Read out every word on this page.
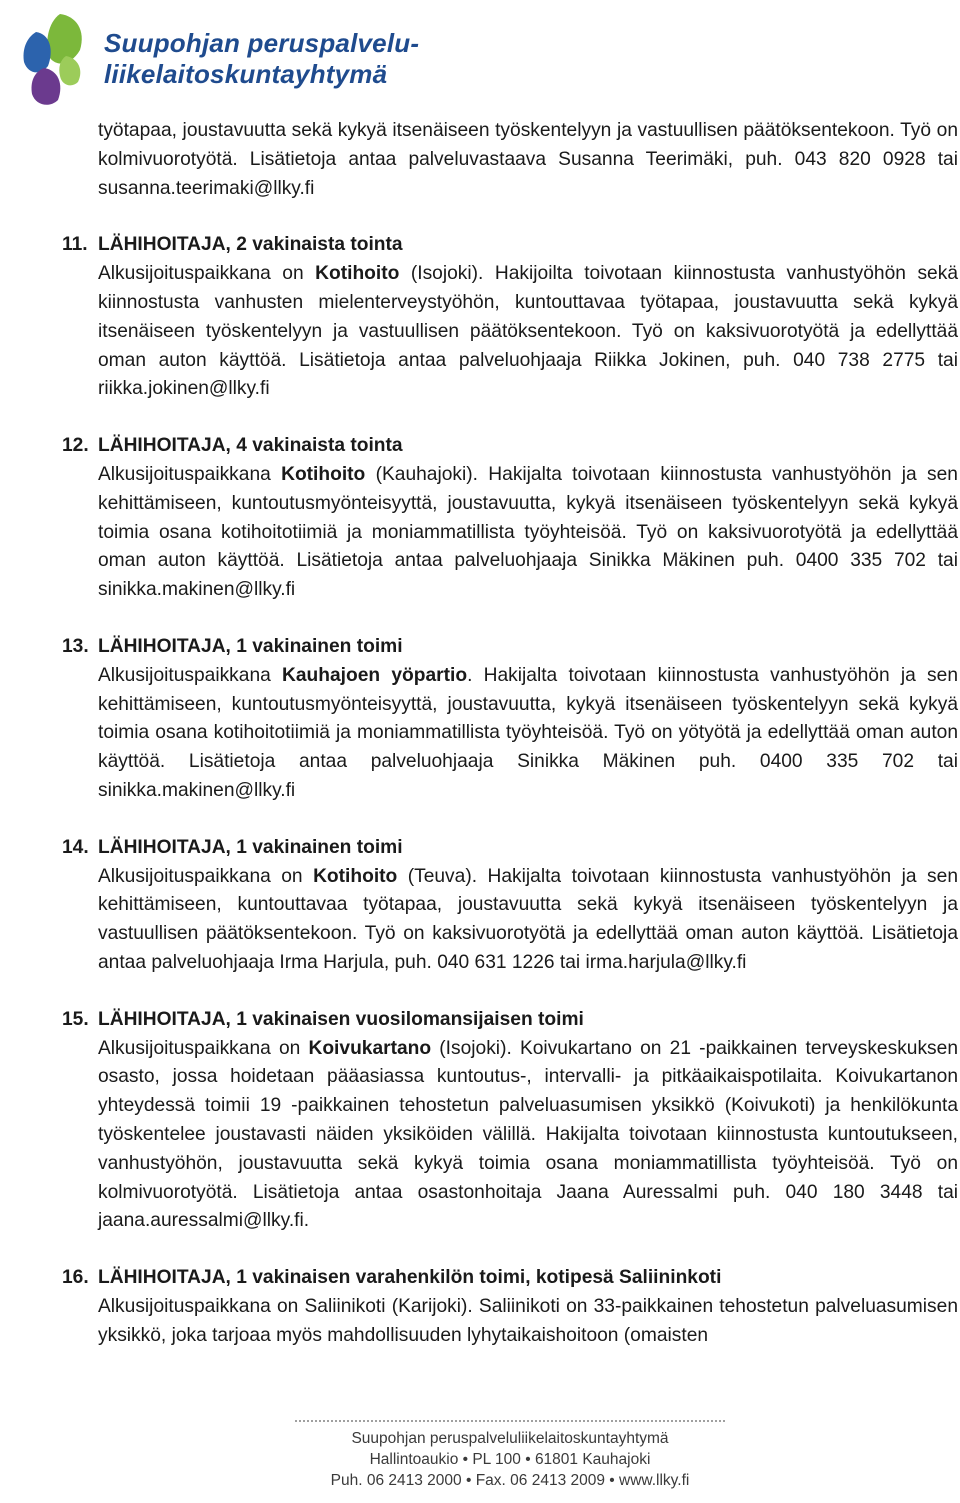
Suupohjan peruspalvelu-
liikelaitoskuntayhtymä

työtapaa, joustavuutta sekä kykyä itsenäiseen työskentelyyn ja vastuullisen päätöksentekoon. Työ on kolmivuorotyötä. Lisätietoja antaa palveluvastaava Susanna Teerimäki, puh. 043 820 0928 tai susanna.teerimaki@llky.fi

11. LÄHIHOITAJA, 2 vakinaista tointa

Alkusijoituspaikkana on Kotihoito (Isojoki). Hakijoilta toivotaan kiinnostusta vanhustyöhön sekä kiinnostusta vanhusten mielenterveystyöhön, kuntouttavaa työtapaa, joustavuutta sekä kykyä itsenäiseen työskentelyyn ja vastuullisen päätöksentekoon. Työ on kaksivuorotyötä ja edellyttää oman auton käyttöä. Lisätietoja antaa palveluohjaaja Riikka Jokinen, puh. 040 738 2775 tai riikka.jokinen@llky.fi

12. LÄHIHOITAJA, 4 vakinaista tointa

Alkusijoituspaikkana Kotihoito (Kauhajoki). Hakijalta toivotaan kiinnostusta vanhustyöhön ja sen kehittämiseen, kuntoutusmyönteisyyttä, joustavuutta, kykyä itsenäiseen työskentelyyn sekä kykyä toimia osana kotihoitotiimiä ja moniammatillista työyhteisöä. Työ on kaksivuorotyötä ja edellyttää oman auton käyttöä. Lisätietoja antaa palveluohjaaja Sinikka Mäkinen puh. 0400 335 702 tai sinikka.makinen@llky.fi

13. LÄHIHOITAJA, 1 vakinainen toimi

Alkusijoituspaikkana Kauhajoen yöpartio. Hakijalta toivotaan kiinnostusta vanhustyöhön ja sen kehittämiseen, kuntoutusmyönteisyyttä, joustavuutta, kykyä itsenäiseen työskentelyyn sekä kykyä toimia osana kotihoitotiimiä ja moniammatillista työyhteisöä. Työ on yötyötä ja edellyttää oman auton käyttöä. Lisätietoja antaa palveluohjaaja Sinikka Mäkinen puh. 0400 335 702 tai sinikka.makinen@llky.fi

14. LÄHIHOITAJA, 1 vakinainen toimi

Alkusijoituspaikkana on Kotihoito (Teuva). Hakijalta toivotaan kiinnostusta vanhustyöhön ja sen kehittämiseen, kuntouttavaa työtapaa, joustavuutta sekä kykyä itsenäiseen työskentelyyn ja vastuullisen päätöksentekoon. Työ on kaksivuorotyötä ja edellyttää oman auton käyttöä. Lisätietoja antaa palveluohjaaja Irma Harjula, puh. 040 631 1226 tai irma.harjula@llky.fi

15. LÄHIHOITAJA, 1 vakinaisen vuosilomansijaisen toimi

Alkusijoituspaikkana on Koivukartano (Isojoki). Koivukartano on 21 -paikkainen terveyskeskuksen osasto, jossa hoidetaan pääasiassa kuntoutus-, intervalli- ja pitkäaikaispotilaita. Koivukartanon yhteydessä toimii 19 -paikkainen tehostetun palveluasumisen yksikkö (Koivukoti) ja henkilökunta työskentelee joustavasti näiden yksiköiden välillä. Hakijalta toivotaan kiinnostusta kuntoutukseen, vanhustyöhön, joustavuutta sekä kykyä toimia osana moniammatillista työyhteisöä. Työ on kolmivuorotyötä. Lisätietoja antaa osastonhoitaja Jaana Auressalmi puh. 040 180 3448 tai jaana.auressalmi@llky.fi.

16. LÄHIHOITAJA, 1 vakinaisen varahenkilön toimi, kotipesä Saliininkoti

Alkusijoituspaikkana on Saliinikoti (Karijoki). Saliinikoti on 33-paikkainen tehostetun palveluasumisen yksikkö, joka tarjoaa myös mahdollisuuden lyhytaikaishoitoon (omaisten

Suupohjan peruspalveluliikelaitoskuntayhtymä
Hallintoaukio • PL 100 • 61801 Kauhajoki
Puh. 06 2413 2000 • Fax. 06 2413 2009 • www.llky.fi
